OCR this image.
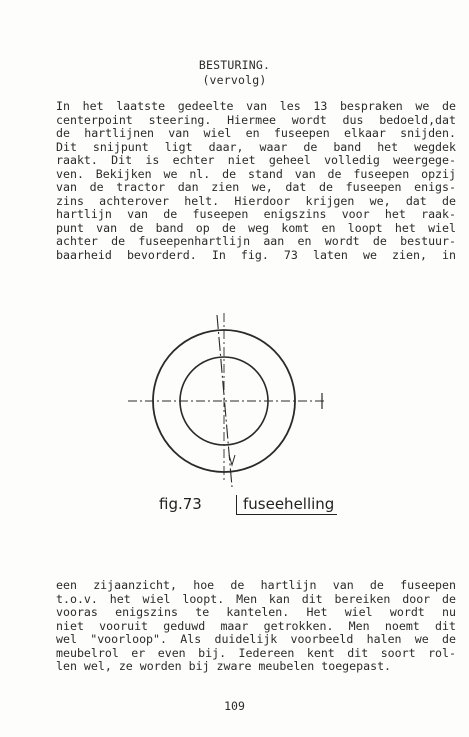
BESTURING.
(vervolg)
In het laatste gedeelte van les 13 bespraken we de
centerpoint steering. Hiermee wordt dus bedoeld,dat
de hartlijnen van wiel en fuseepen elkaar snijden.
Dit snijpunt ligt daar, waar de band het wegdek
raakt. Dit is echter niet geheel volledig weergege-
ven. Bekijken we nl. de stand van de fuseepen opzij
van de tractor dan zien we, dat de fuseepen enigs-
zins achterover helt. Hierdoor krijgen we, dat de
hartlijn van de fuseepen enigszins voor het raak-
punt van de band op de weg komt en loopt het wiel
achter de fuseepenhartlijn aan en wordt de bestuur-
baarheid bevorderd. In fig. 73 laten we zien, in
fig.73	fuseehelling
een zijaanzicht, hoe de hartlijn van de fuseepen
t.o.v. het wiel loopt. Men kan dit bereiken door de
vooras enigszins te kantelen. Het wiel wordt nu
niet vooruit geduwd maar getrokken. Men noemt dit
wel "voorloop". Als duidelijk voorbeeld halen we de
meubelrol er even bij. Iedereen kent dit soort rol-
len wel, ze worden bij zware meubelen toegepast.
109
